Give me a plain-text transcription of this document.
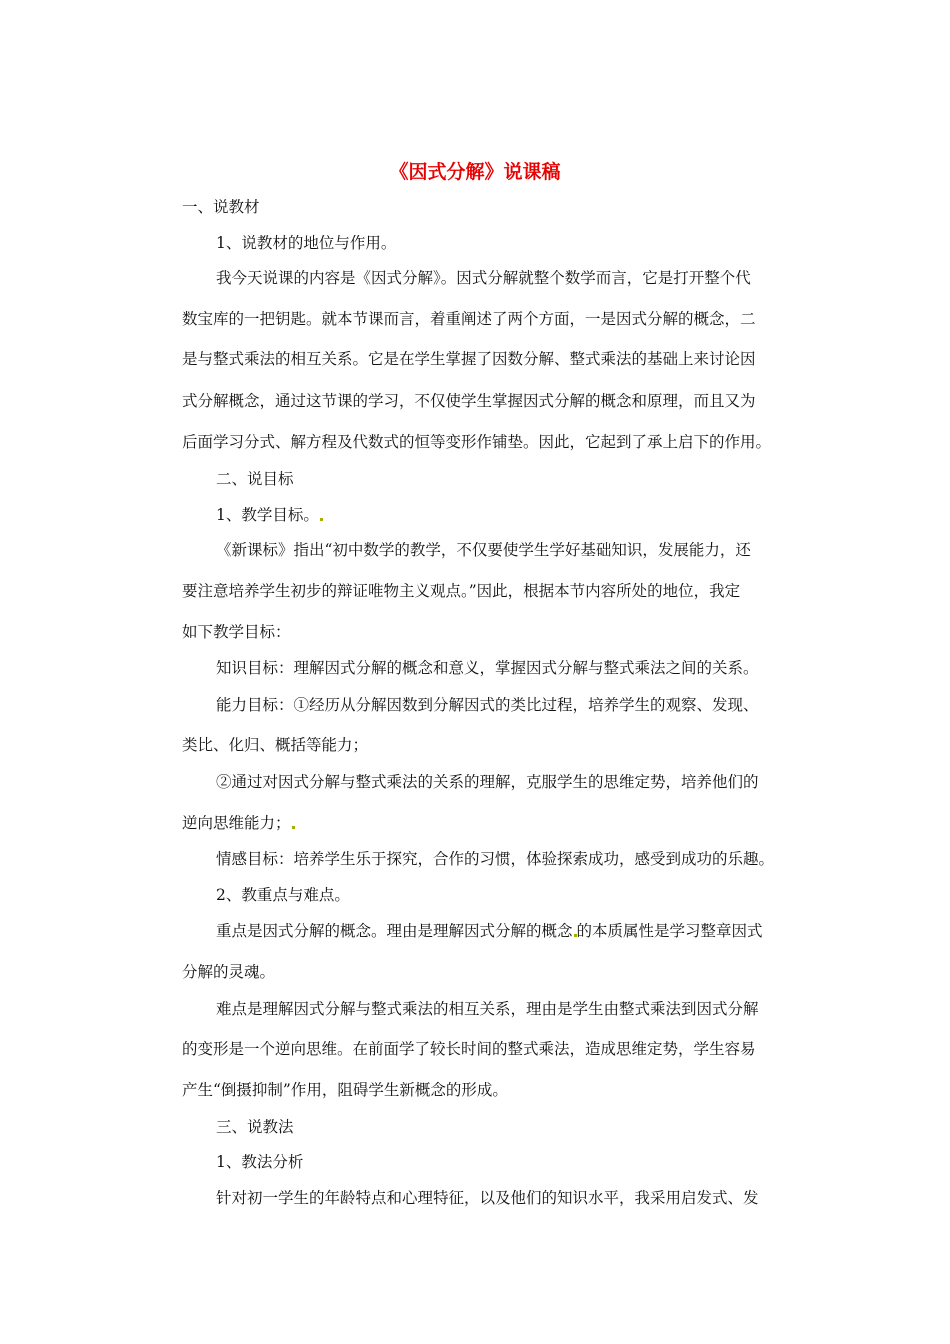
《因式分解》说课稿
一、说教材
1、说教材的地位与作用。
我今天说课的内容是《因式分解》。因式分解就整个数学而言，它是打开整个代
数宝库的一把钥匙。就本节课而言，着重阐述了两个方面，一是因式分解的概念，二
是与整式乘法的相互关系。它是在学生掌握了因数分解、整式乘法的基础上来讨论因
式分解概念，通过这节课的学习，不仅使学生掌握因式分解的概念和原理，而且又为
后面学习分式、解方程及代数式的恒等变形作铺垫。因此，它起到了承上启下的作用。
二、说目标
1、教学目标。
《新课标》指出“初中数学的教学，不仅要使学生学好基础知识，发展能力，还
要注意培养学生初步的辩证唯物主义观点。”因此，根据本节内容所处的地位，我定
如下教学目标：
知识目标：理解因式分解的概念和意义，掌握因式分解与整式乘法之间的关系。
能力目标：①经历从分解因数到分解因式的类比过程，培养学生的观察、发现、
类比、化归、概括等能力；
②通过对因式分解与整式乘法的关系的理解，克服学生的思维定势，培养他们的
逆向思维能力；
情感目标：培养学生乐于探究，合作的习惯，体验探索成功，感受到成功的乐趣。
2、教重点与难点。
重点是因式分解的概念。理由是理解因式分解的概念 的本质属性是学习整章因式
分解的灵魂。
难点是理解因式分解与整式乘法的相互关系，理由是学生由整式乘法到因式分解
的变形是一个逆向思维。在前面学了较长时间的整式乘法，造成思维定势，学生容易
产生“倒摄抑制”作用，阻碍学生新概念的形成。
三、说教法
1、教法分析
针对初一学生的年龄特点和心理特征，以及他们的知识水平，我采用启发式、发
